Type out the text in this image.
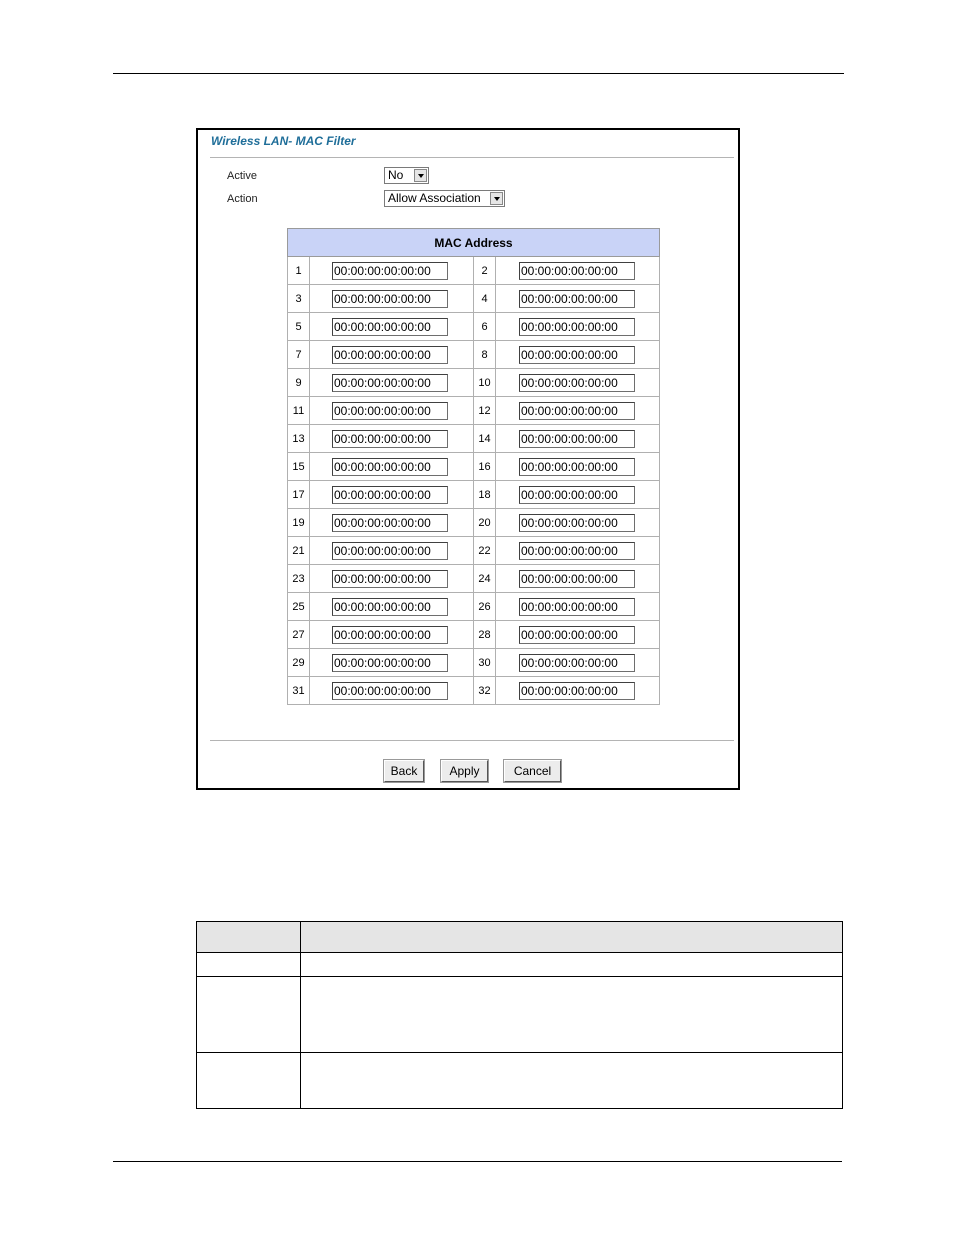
Wireless LAN- MAC Filter
Active	No
Action	Allow Association
MAC Address			
1	00:00:00:00:00:00	2	00:00:00:00:00:00

3	00:00:00:00:00:00	4	00:00:00:00:00:00

5	00:00:00:00:00:00	6	00:00:00:00:00:00

7	00:00:00:00:00:00	8	00:00:00:00:00:00

9	00:00:00:00:00:00	10	00:00:00:00:00:00

11	00:00:00:00:00:00	12	00:00:00:00:00:00

13	00:00:00:00:00:00	14	00:00:00:00:00:00

15	00:00:00:00:00:00	16	00:00:00:00:00:00

17	00:00:00:00:00:00	18	00:00:00:00:00:00

19	00:00:00:00:00:00	20	00:00:00:00:00:00

21	00:00:00:00:00:00	22	00:00:00:00:00:00

23	00:00:00:00:00:00	24	00:00:00:00:00:00

25	00:00:00:00:00:00	26	00:00:00:00:00:00

27	00:00:00:00:00:00	28	00:00:00:00:00:00

29	00:00:00:00:00:00	30	00:00:00:00:00:00

31	00:00:00:00:00:00	32	00:00:00:00:00:00
Back	Apply	Cancel
